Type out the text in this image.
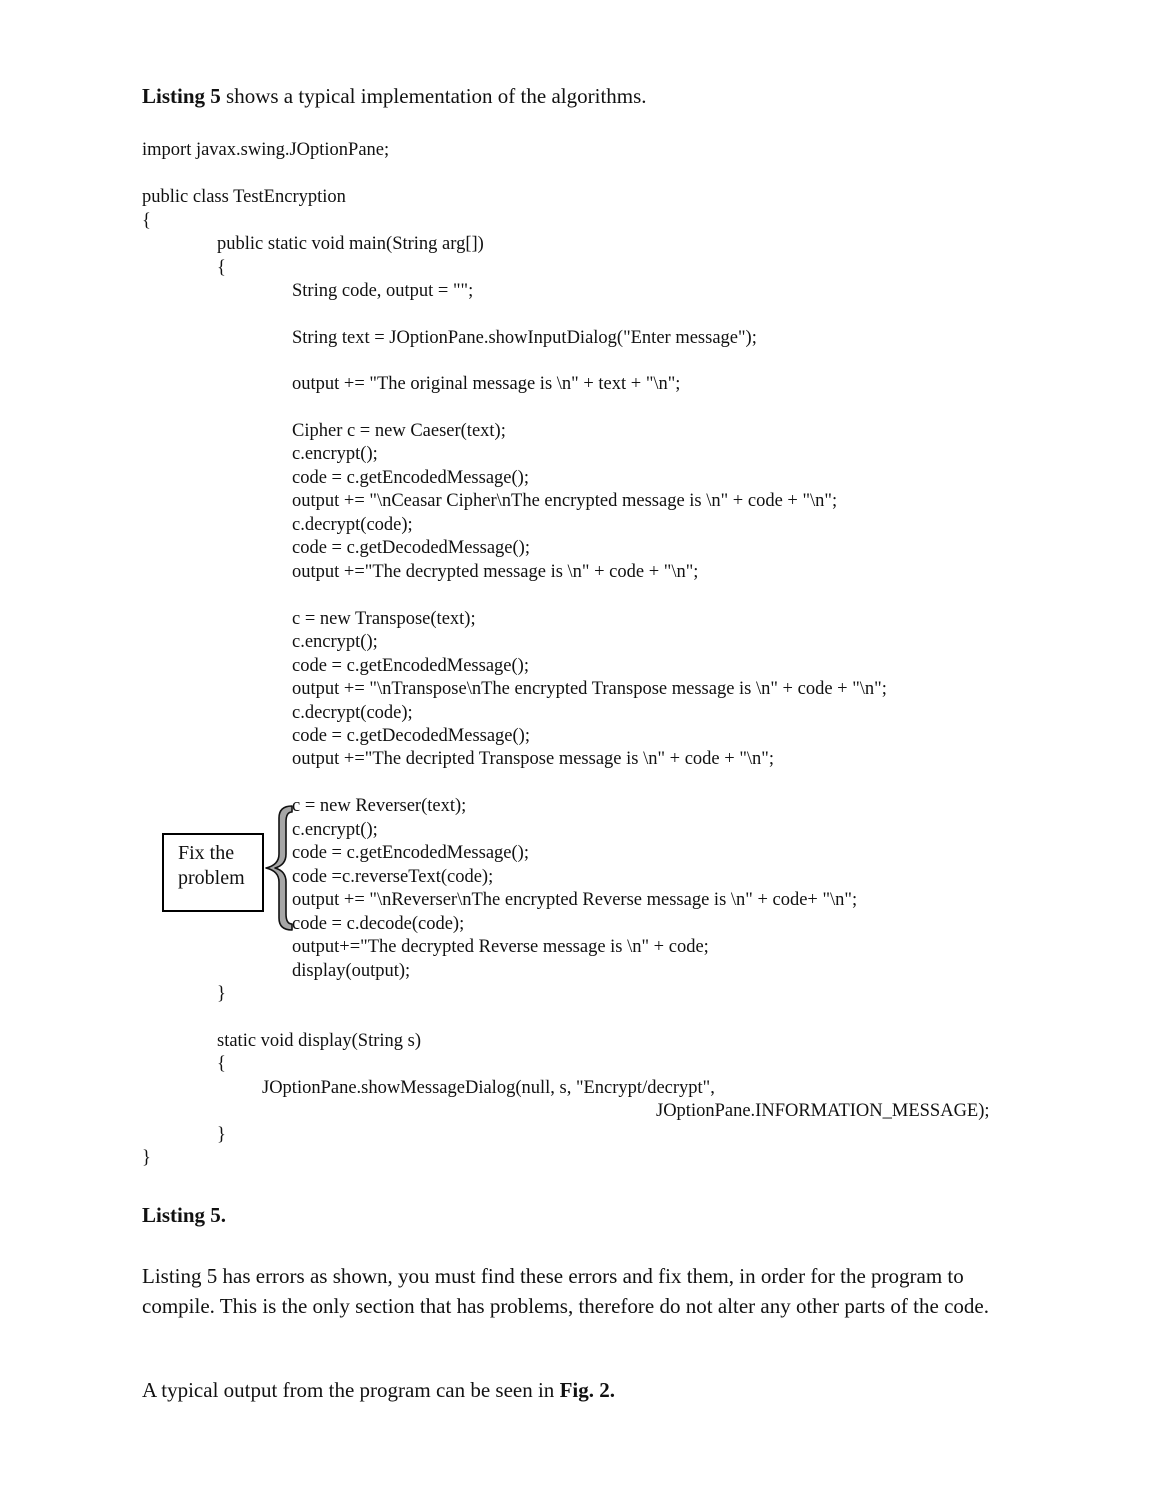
Listing 5 shows a typical implementation of the algorithms.
import javax.swing.JOptionPane;
public class TestEncryption
{
public static void main(String arg[])
{
String code, output = "";
String text = JOptionPane.showInputDialog("Enter message");
output += "The original message is \n" + text + "\n";
Cipher c = new Caeser(text);
c.encrypt();
code = c.getEncodedMessage();
output += "\nCeasar Cipher\nThe encrypted message is \n" + code + "\n";
c.decrypt(code);
code = c.getDecodedMessage();
output +="The decrypted message is \n" + code + "\n";
c = new Transpose(text);
c.encrypt();
code = c.getEncodedMessage();
output += "\nTranspose\nThe encrypted Transpose message is \n" + code + "\n";
c.decrypt(code);
code = c.getDecodedMessage();
output +="The decripted Transpose message is \n" + code + "\n";
c = new Reverser(text);
c.encrypt();
code = c.getEncodedMessage();
code =c.reverseText(code);
output += "\nReverser\nThe encrypted Reverse message is \n" + code+ "\n";
code = c.decode(code);
output+="The decrypted Reverse message is \n" + code;
display(output);
}
static void display(String s)
{
JOptionPane.showMessageDialog(null, s, "Encrypt/decrypt",
JOptionPane.INFORMATION_MESSAGE);
}
}
Fix the
problem
Listing 5.
Listing 5 has errors as shown, you must find these errors and fix them, in order for the program to compile. This is the only section that has problems, therefore do not alter any other parts of the code.
A typical output from the program can be seen in Fig. 2.
